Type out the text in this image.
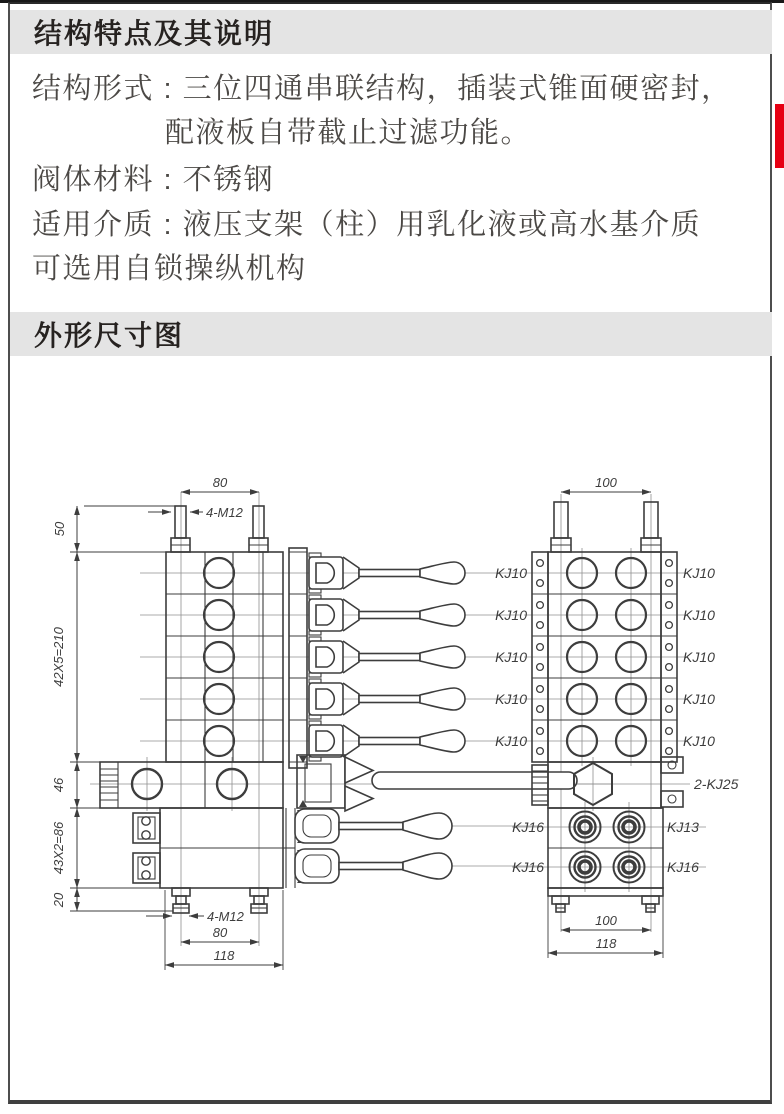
结构特点及其说明
结构形式 : 三位四通串联结构，插装式锥面硬密封，
配液板自带截止过滤功能。
阀体材料 : 不锈钢
适用介质 : 液压支架（柱）用乳化液或高水基介质
可选用自锁操纵机构
外形尺寸图
80
4-M12
50
42X5=210
46
43X2=86
20
4-M12
80
118
100
KJ10	KJ10
KJ10	KJ10
KJ10	KJ10
KJ10	KJ10
KJ10	KJ10
2-KJ25
KJ16	KJ13
KJ16	KJ16
100
118
